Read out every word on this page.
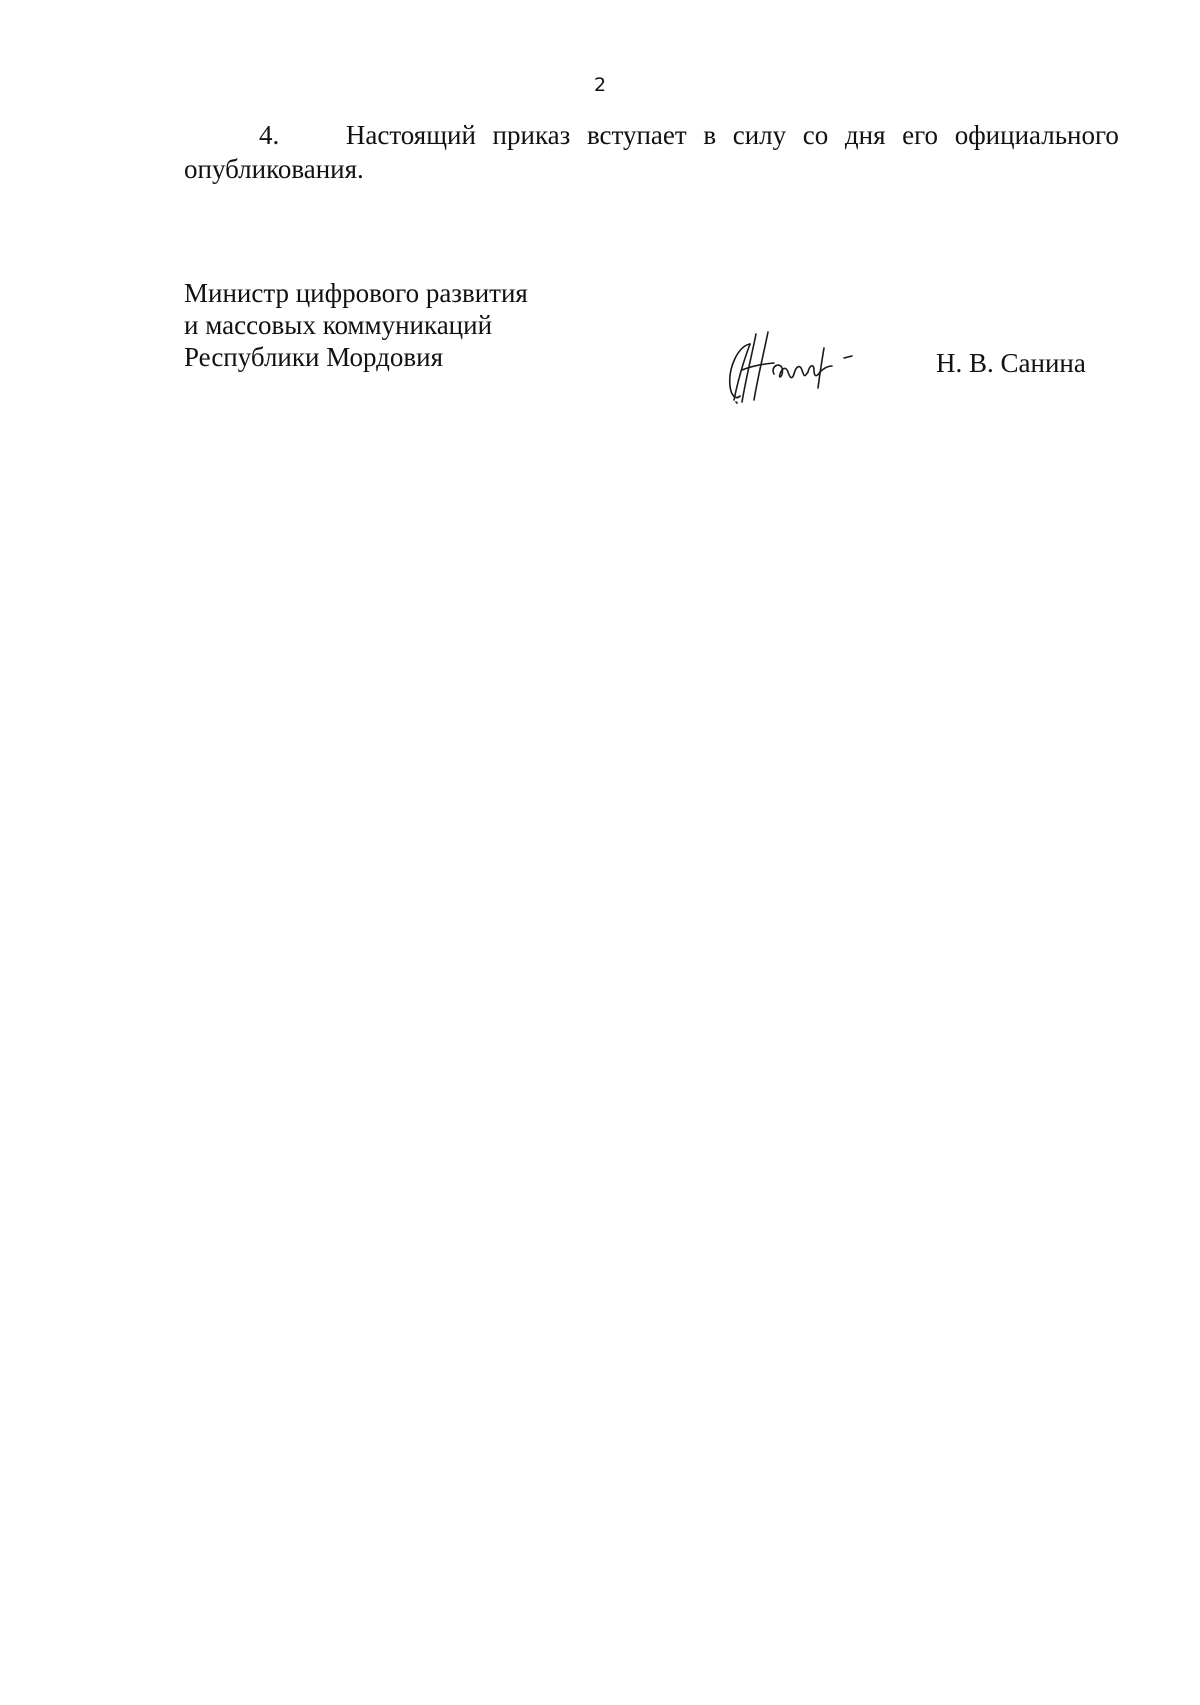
2
4. Настоящий приказ вступает в силу со дня его официального
опубликования.
Министр цифрового развития
и массовых коммуникаций
Республики Мордовия	Н. В. Санина
